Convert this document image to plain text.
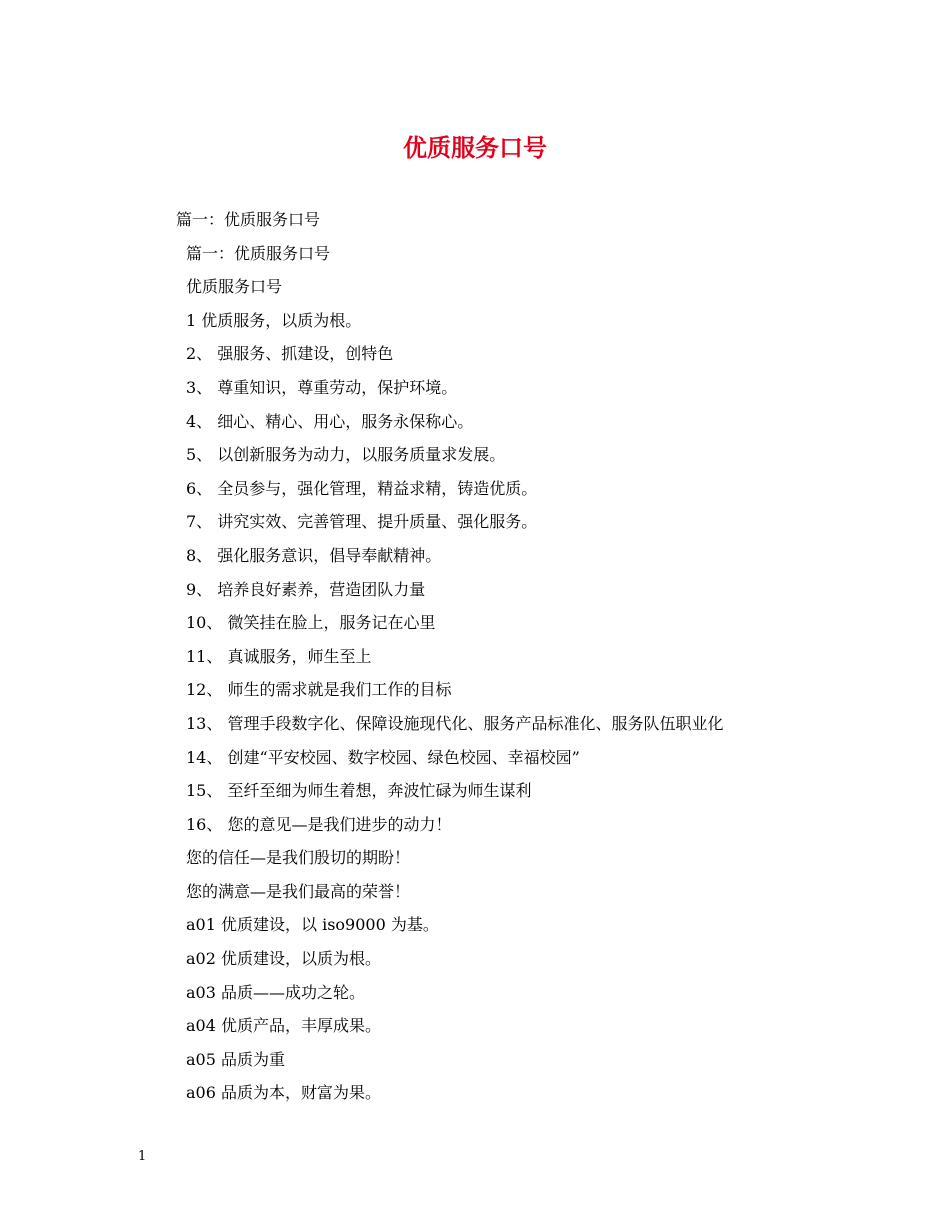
优质服务口号
篇一：优质服务口号
篇一：优质服务口号
优质服务口号
1 优质服务，以质为根。
2、 强服务、抓建设，创特色
3、 尊重知识，尊重劳动，保护环境。
4、 细心、精心、用心，服务永保称心。
5、 以创新服务为动力，以服务质量求发展。
6、 全员参与，强化管理，精益求精，铸造优质。
7、 讲究实效、完善管理、提升质量、强化服务。
8、 强化服务意识，倡导奉献精神。
9、 培养良好素养，营造团队力量
10、 微笑挂在脸上，服务记在心里
11、 真诚服务，师生至上
12、 师生的需求就是我们工作的目标
13、 管理手段数字化、保障设施现代化、服务产品标准化、服务队伍职业化
14、 创建“平安校园、数字校园、绿色校园、幸福校园”
15、 至纤至细为师生着想，奔波忙碌为师生谋利
16、 您的意见—是我们进步的动力！
您的信任—是我们殷切的期盼！
您的满意—是我们最高的荣誉！
a01 优质建设，以 iso9000 为基。
a02 优质建设，以质为根。
a03 品质——成功之轮。
a04 优质产品，丰厚成果。
a05 品质为重
a06 品质为本，财富为果。
1
